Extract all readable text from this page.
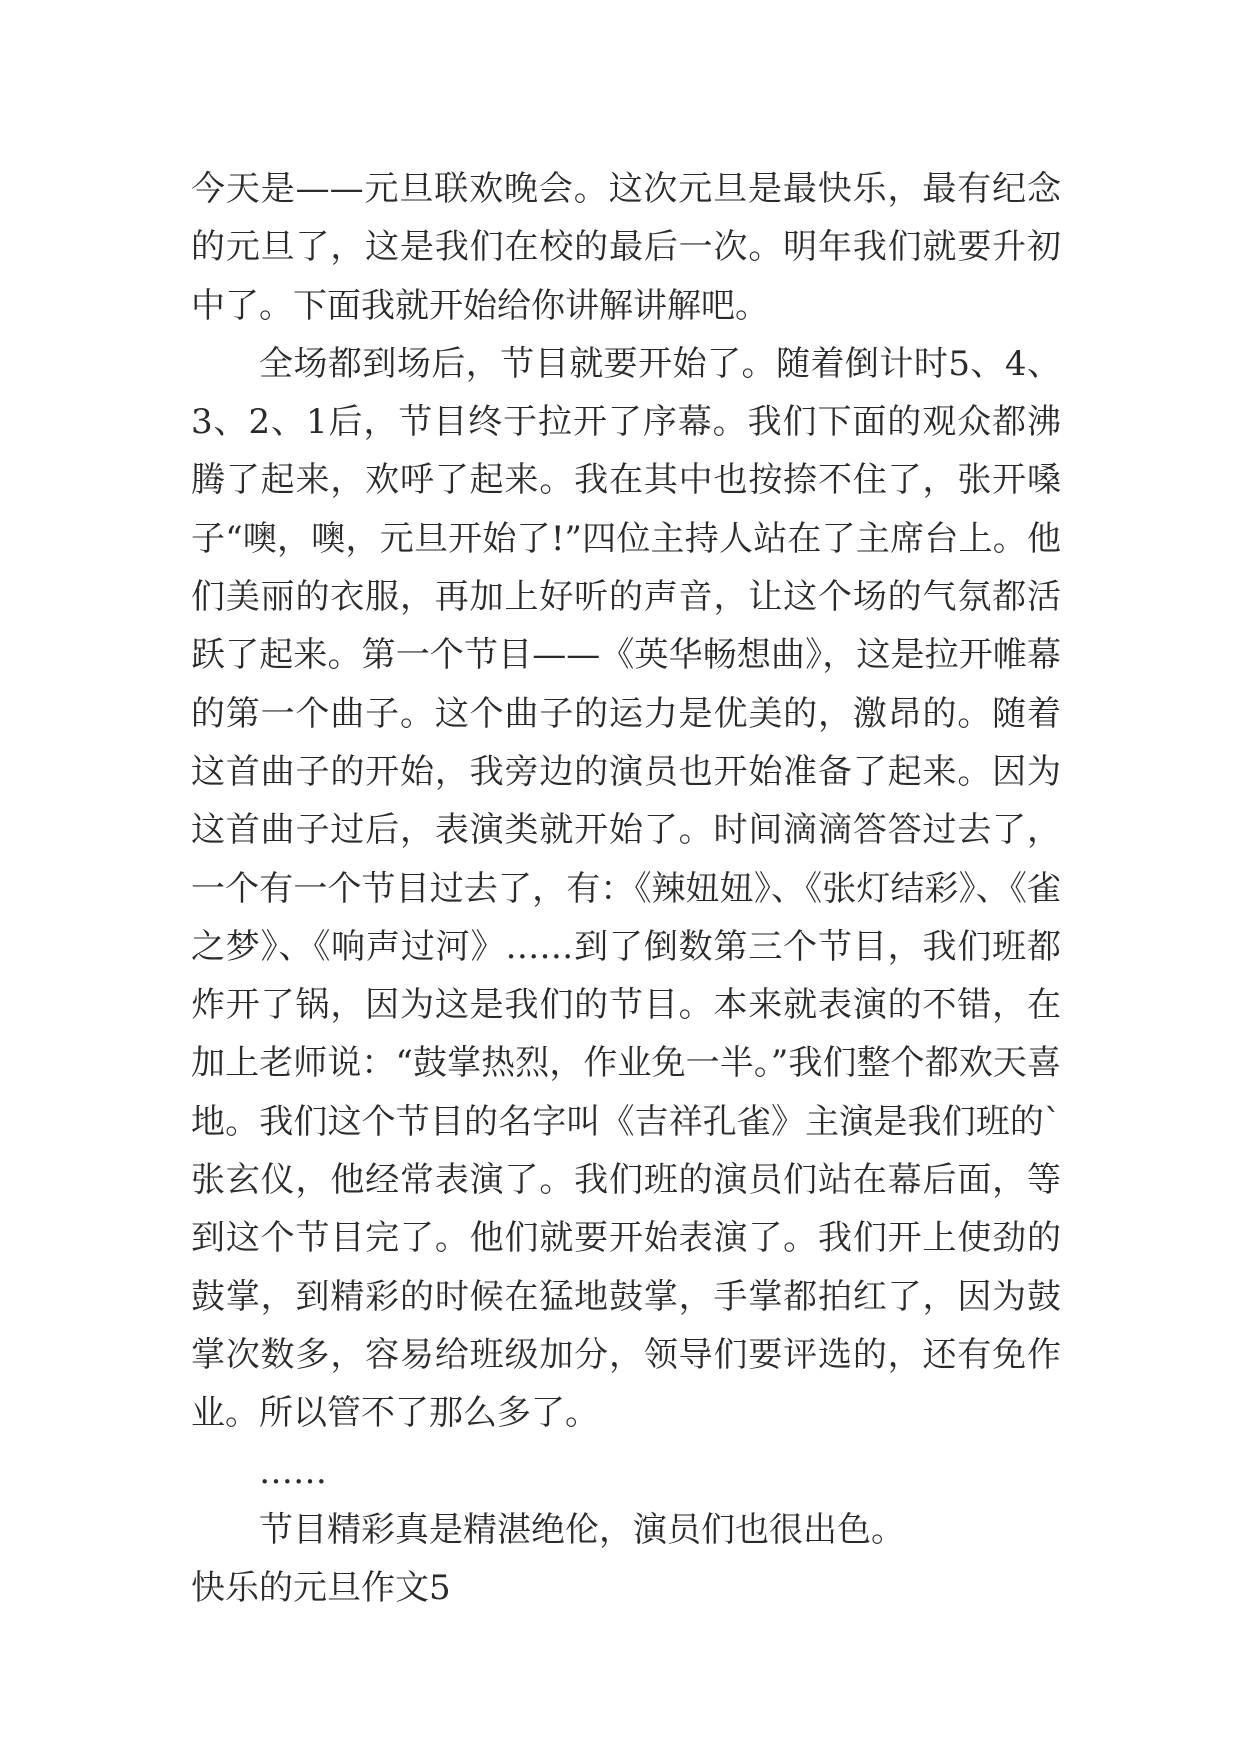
今天是——元旦联欢晚会。这次元旦是最快乐，最有纪念的元旦了，这是我们在校的最后一次。明年我们就要升初中了。下面我就开始给你讲解讲解吧。

全场都到场后，节目就要开始了。随着倒计时5、4、3、2、1后，节目终于拉开了序幕。我们下面的观众都沸腾了起来，欢呼了起来。我在其中也按捺不住了，张开嗓子“噢，噢，元旦开始了!”四位主持人站在了主席台上。他们美丽的衣服，再加上好听的声音，让这个场的气氛都活跃了起来。第一个节目——《英华畅想曲》，这是拉开帷幕的第一个曲子。这个曲子的运力是优美的，激昂的。随着这首曲子的开始，我旁边的演员也开始准备了起来。因为这首曲子过后，表演类就开始了。时间滴滴答答过去了，一个有一个节目过去了，有：《辣妞妞》、《张灯结彩》、《雀之梦》、《响声过河》……到了倒数第三个节目，我们班都炸开了锅，因为这是我们的节目。本来就表演的不错，在加上老师说：“鼓掌热烈，作业免一半。”我们整个都欢天喜地。我们这个节目的名字叫《吉祥孔雀》主演是我们班的`张玄仪，他经常表演了。我们班的演员们站在幕后面，等到这个节目完了。他们就要开始表演了。我们开上使劲的鼓掌，到精彩的时候在猛地鼓掌，手掌都拍红了，因为鼓掌次数多，容易给班级加分，领导们要评选的，还有免作业。所以管不了那么多了。

……

节目精彩真是精湛绝伦，演员们也很出色。

快乐的元旦作文5
